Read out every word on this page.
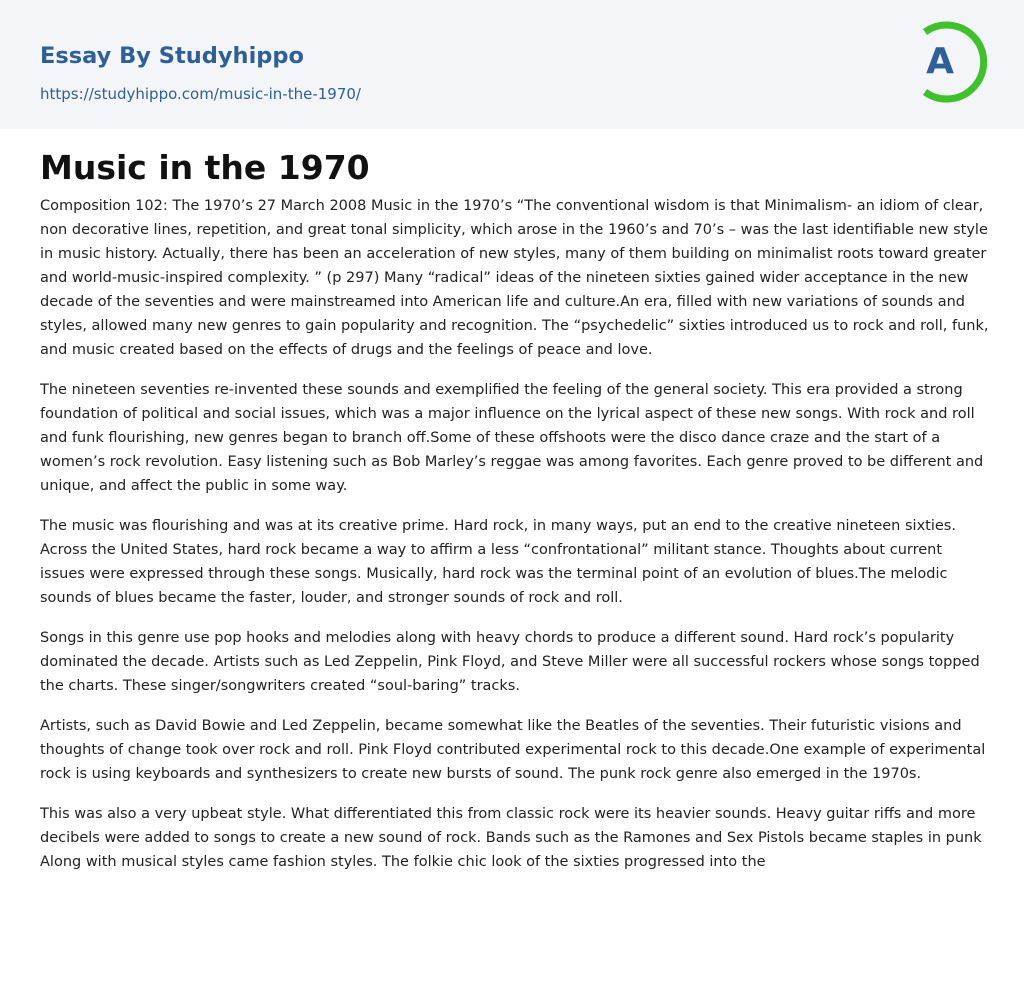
Essay By Studyhippo
https://studyhippo.com/music-in-the-1970/
A
Music in the 1970

Composition 102: The 1970’s 27 March 2008 Music in the 1970’s “The conventional wisdom is that Minimalism- an idiom of clear, non decorative lines, repetition, and great tonal simplicity, which arose in the 1960’s and 70’s – was the last identifiable new style in music history. Actually, there has been an acceleration of new styles, many of them building on minimalist roots toward greater and world-music-inspired complexity. ” (p 297) Many “radical” ideas of the nineteen sixties gained wider acceptance in the new decade of the seventies and were mainstreamed into American life and culture.An era, filled with new variations of sounds and styles, allowed many new genres to gain popularity and recognition. The “psychedelic” sixties introduced us to rock and roll, funk, and music created based on the effects of drugs and the feelings of peace and love.

The nineteen seventies re-invented these sounds and exemplified the feeling of the general society. This era provided a strong foundation of political and social issues, which was a major influence on the lyrical aspect of these new songs. With rock and roll and funk flourishing, new genres began to branch off.Some of these offshoots were the disco dance craze and the start of a women’s rock revolution. Easy listening such as Bob Marley’s reggae was among favorites. Each genre proved to be different and unique, and affect the public in some way.

The music was flourishing and was at its creative prime. Hard rock, in many ways, put an end to the creative nineteen sixties. Across the United States, hard rock became a way to affirm a less “confrontational” militant stance. Thoughts about current issues were expressed through these songs. Musically, hard rock was the terminal point of an evolution of blues.The melodic sounds of blues became the faster, louder, and stronger sounds of rock and roll.

Songs in this genre use pop hooks and melodies along with heavy chords to produce a different sound. Hard rock’s popularity dominated the decade. Artists such as Led Zeppelin, Pink Floyd, and Steve Miller were all successful rockers whose songs topped the charts. These singer/songwriters created “soul-baring” tracks.

Artists, such as David Bowie and Led Zeppelin, became somewhat like the Beatles of the seventies. Their futuristic visions and thoughts of change took over rock and roll. Pink Floyd contributed experimental rock to this decade.One example of experimental rock is using keyboards and synthesizers to create new bursts of sound. The punk rock genre also emerged in the 1970s.

This was also a very upbeat style. What differentiated this from classic rock were its heavier sounds. Heavy guitar riffs and more decibels were added to songs to create a new sound of rock. Bands such as the Ramones and Sex Pistols became staples in punk Along with musical styles came fashion styles. The folkie chic look of the sixties progressed into the
